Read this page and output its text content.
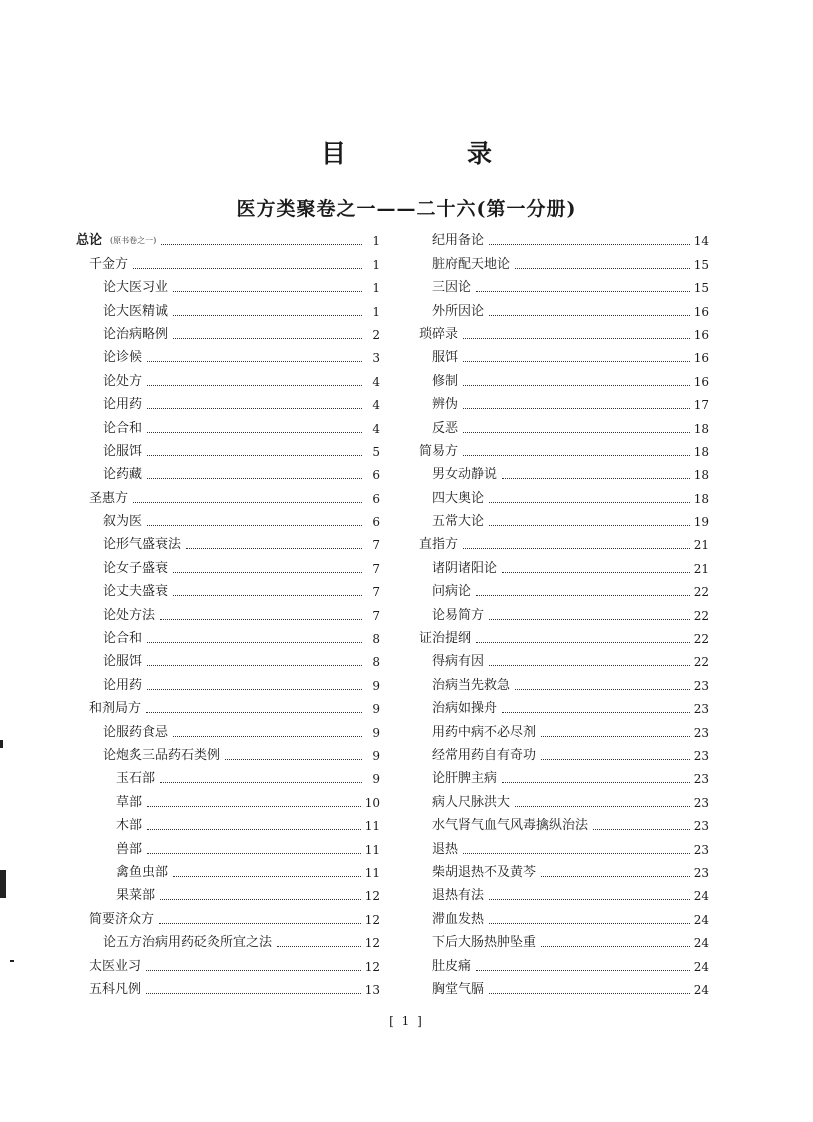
目　录
医方类聚卷之一——二十六(第一分册)
总论 (原书卷之一)	1
千金方	1
论大医习业	1
论大医精诚	1
论治病略例	2
论诊候	3
论处方	4
论用药	4
论合和	4
论服饵	5
论药藏	6
圣惠方	6
叙为医	6
论形气盛衰法	7
论女子盛衰	7
论丈夫盛衰	7
论处方法	7
论合和	8
论服饵	8
论用药	9
和剂局方	9
论服药食忌	9
论炮炙三品药石类例	9
玉石部	9
草部	10
木部	11
兽部	11
禽鱼虫部	11
果菜部	12
简要济众方	12
论五方治病用药砭灸所宜之法	12
太医业习	12
五科凡例	13
纪用备论	14
脏府配天地论	15
三因论	15
外所因论	16
琐碎录	16
服饵	16
修制	16
辨伪	17
反恶	18
简易方	18
男女动静说	18
四大奥论	18
五常大论	19
直指方	21
诸阴诸阳论	21
问病论	22
论易简方	22
证治提纲	22
得病有因	22
治病当先救急	23
治病如操舟	23
用药中病不必尽剂	23
经常用药自有奇功	23
论肝脾主病	23
病人尺脉洪大	23
水气肾气血气风毒擒纵治法	23
退热	23
柴胡退热不及黄芩	23
退热有法	24
滞血发热	24
下后大肠热肿坠重	24
肚皮痛	24
胸堂气膈	24
[ 1 ]
